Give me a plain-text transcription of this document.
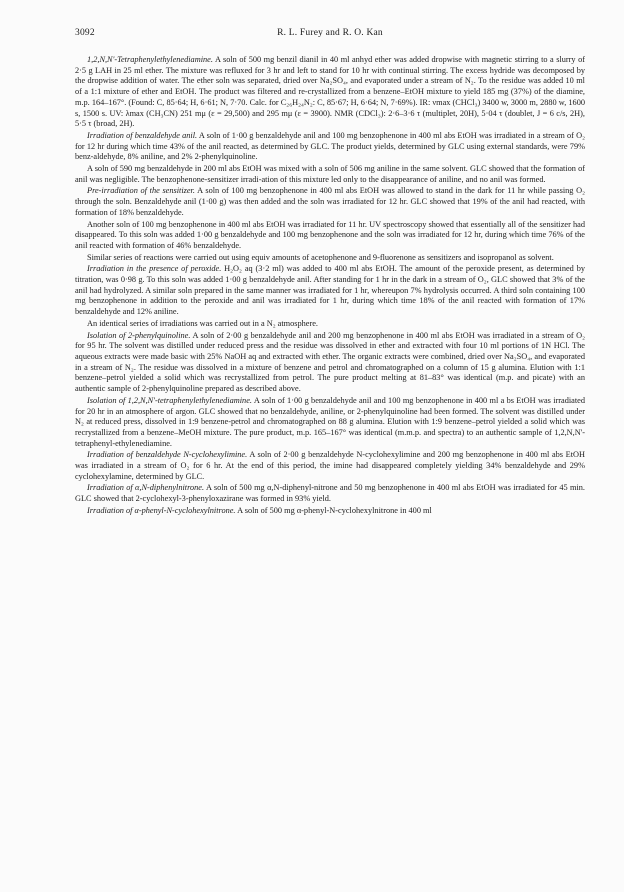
3092	R. L. Furey and R. O. Kan

1,2,N,N'-Tetraphenylethylenediamine. A soln of 500 mg benzil dianil in 40 ml anhyd ether was added dropwise with magnetic stirring to a slurry of 2·5 g LAH in 25 ml ether. The mixture was refluxed for 3 hr and left to stand for 10 hr with continual stirring. The excess hydride was decomposed by the dropwise addition of water. The ether soln was separated, dried over Na₂SO₄, and evaporated under a stream of N₂. To the residue was added 10 ml of a 1:1 mixture of ether and EtOH. The product was filtered and re-crystallized from a benzene–EtOH mixture to yield 185 mg (37%) of the diamine, m.p. 164–167°. (Found: C, 85·64; H, 6·61; N, 7·70. Calc. for C₂₆H₂₄N₂: C, 85·67; H, 6·64; N, 7·69%). IR: νmax (CHCl₃) 3400 w, 3000 m, 2880 w, 1600 s, 1500 s. UV: λmax (CH₃CN) 251 mμ (ε = 29,500) and 295 mμ (ε = 3900). NMR (CDCl₃): 2·6–3·6 τ (multiplet, 20H), 5·04 τ (doublet, J = 6 c/s, 2H), 5·5 τ (broad, 2H).

Irradiation of benzaldehyde anil. A soln of 1·00 g benzaldehyde anil and 100 mg benzophenone in 400 ml abs EtOH was irradiated in a stream of O₂ for 12 hr during which time 43% of the anil reacted, as determined by GLC. The product yields, determined by GLC using external standards, were 79% benz-aldehyde, 8% aniline, and 2% 2-phenylquinoline.

A soln of 590 mg benzaldehyde in 200 ml abs EtOH was mixed with a soln of 506 mg aniline in the same solvent. GLC showed that the formation of anil was negligible. The benzophenone-sensitizer irradi-ation of this mixture led only to the disappearance of aniline, and no anil was formed.

Pre-irradiation of the sensitizer. A soln of 100 mg benzophenone in 400 ml abs EtOH was allowed to stand in the dark for 11 hr while passing O₂ through the soln. Benzaldehyde anil (1·00 g) was then added and the soln was irradiated for 12 hr. GLC showed that 19% of the anil had reacted, with formation of 18% benzaldehyde.

Another soln of 100 mg benzophenone in 400 ml abs EtOH was irradiated for 11 hr. UV spectroscopy showed that essentially all of the sensitizer had disappeared. To this soln was added 1·00 g benzaldehyde and 100 mg benzophenone and the soln was irradiated for 12 hr, during which time 76% of the anil reacted with formation of 46% benzaldehyde.

Similar series of reactions were carried out using equiv amounts of acetophenone and 9-fluorenone as sensitizers and isopropanol as solvent.

Irradiation in the presence of peroxide. H₂O₂ aq (3·2 ml) was added to 400 ml abs EtOH. The amount of the peroxide present, as determined by titration, was 0·98 g. To this soln was added 1·00 g benzaldehyde anil. After standing for 1 hr in the dark in a stream of O₂, GLC showed that 3% of the anil had hydrolyzed. A similar soln prepared in the same manner was irradiated for 1 hr, whereupon 7% hydrolysis occurred. A third soln containing 100 mg benzophenone in addition to the peroxide and anil was irradiated for 1 hr, during which time 18% of the anil reacted with formation of 17% benzaldehyde and 12% aniline.

An identical series of irradiations was carried out in a N₂ atmosphere.

Isolation of 2-phenylquinoline. A soln of 2·00 g benzaldehyde anil and 200 mg benzophenone in 400 ml abs EtOH was irradiated in a stream of O₂ for 95 hr. The solvent was distilled under reduced press and the residue was dissolved in ether and extracted with four 10 ml portions of 1N HCl. The aqueous extracts were made basic with 25% NaOH aq and extracted with ether. The organic extracts were combined, dried over Na₂SO₄, and evaporated in a stream of N₂. The residue was dissolved in a mixture of benzene and petrol and chromatographed on a column of 15 g alumina. Elution with 1:1 benzene–petrol yielded a solid which was recrystallized from petrol. The pure product melting at 81–83° was identical (m.p. and picate) with an authentic sample of 2-phenylquinoline prepared as described above.

Isolation of 1,2,N,N'-tetraphenylethylenediamine. A soln of 1·00 g benzaldehyde anil and 100 mg benzophenone in 400 ml a bs EtOH was irradiated for 20 hr in an atmosphere of argon. GLC showed that no benzaldehyde, aniline, or 2-phenylquinoline had been formed. The solvent was distilled under N₂ at reduced press, dissolved in 1:9 benzene-petrol and chromatographed on 88 g alumina. Elution with 1:9 benzene–petrol yielded a solid which was recrystallized from a benzene–MeOH mixture. The pure product, m.p. 165–167° was identical (m.m.p. and spectra) to an authentic sample of 1,2,N,N'-tetraphenyl-ethylenediamine.

Irradiation of benzaldehyde N-cyclohexylimine. A soln of 2·00 g benzaldehyde N-cyclohexylimine and 200 mg benzophenone in 400 ml abs EtOH was irradiated in a stream of O₂ for 6 hr. At the end of this period, the imine had disappeared completely yielding 34% benzaldehyde and 29% cyclohexylamine, determined by GLC.

Irradiation of α,N-diphenylnitrone. A soln of 500 mg α,N-diphenyl-nitrone and 50 mg benzophenone in 400 ml abs EtOH was irradiated for 45 min. GLC showed that 2-cyclohexyl-3-phenyloxazirane was formed in 93% yield.

Irradiation of α-phenyl-N-cyclohexylnitrone. A soln of 500 mg α-phenyl-N-cyclohexylnitrone in 400 ml
